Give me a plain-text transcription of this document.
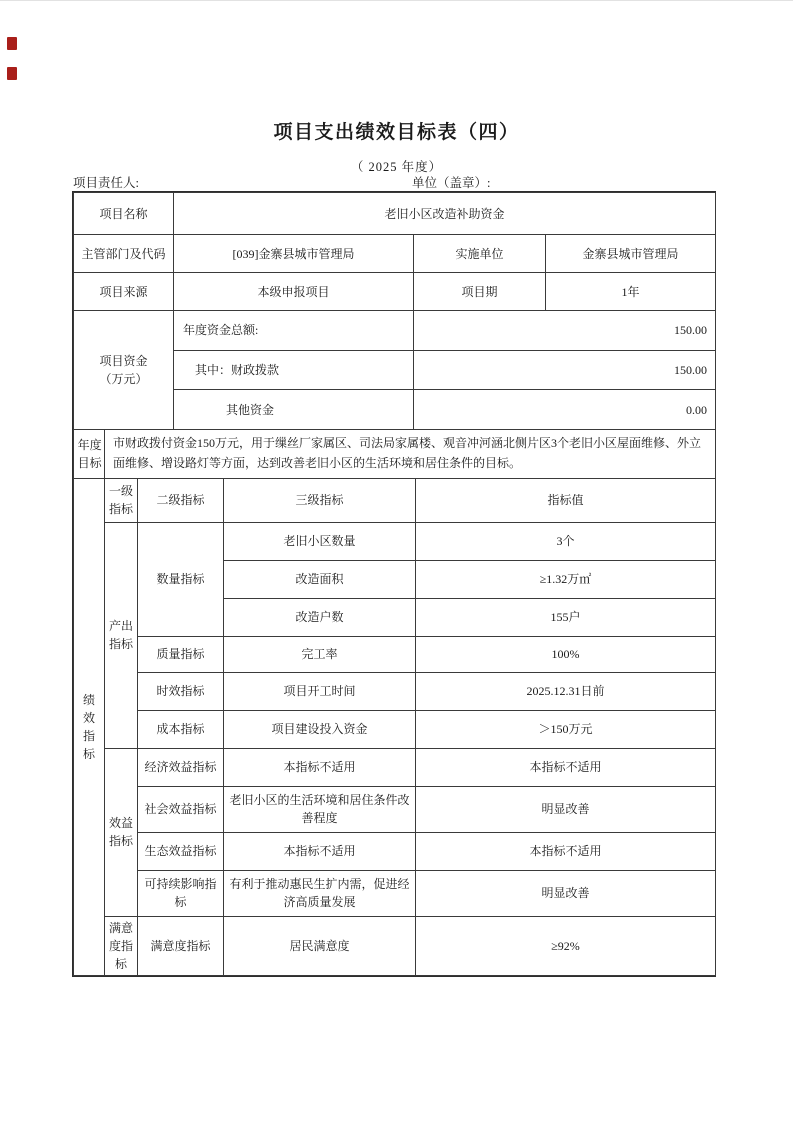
项目支出绩效目标表（四）
（ 2025 年度）
项目责任人:	单位（盖章）:
项目名称	老旧小区改造补助资金		
主管部门及代码	[039]金寨县城市管理局	实施单位	金寨县城市管理局
项目来源	本级申报项目	项目期	1年
项目资金
（万元）	年度资金总额:	150.00
	其中：财政拨款	150.00
	其他资金	0.00
年度目标	市财政拨付资金150万元，用于缫丝厂家属区、司法局家属楼、观音冲河涵北侧片区3个老旧小区屋面维修、外立面维修、增设路灯等方面，达到改善老旧小区的生活环境和居住条件的目标。
绩效指标	一级指标	二级指标	三级指标	指标值
	产出指标	数量指标	老旧小区数量	3个
			改造面积	≥1.32万㎡
			改造户数	155户
		质量指标	完工率	100%
		时效指标	项目开工时间	2025.12.31日前
		成本指标	项目建设投入资金	＞150万元
	效益指标	经济效益指标	本指标不适用	本指标不适用
		社会效益指标	老旧小区的生活环境和居住条件改善程度	明显改善
		生态效益指标	本指标不适用	本指标不适用
		可持续影响指标	有利于推动惠民生扩内需，促进经济高质量发展	明显改善
	满意度指标	满意度指标	居民满意度	≥92%
